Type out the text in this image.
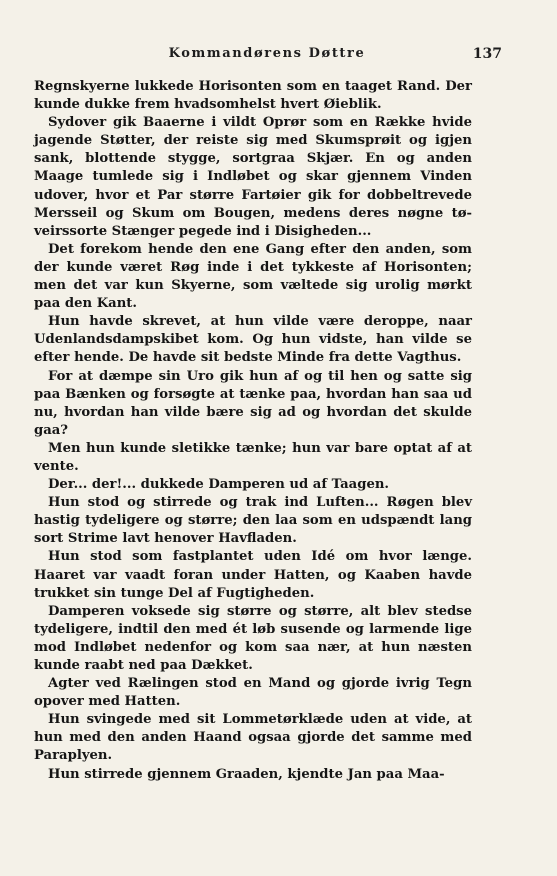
Kommandørens Døttre	137

Regnskyerne lukkede Horisonten som en taaget Rand. Der kunde dukke frem hvadsomhelst hvert Øieblik.

Sydover gik Baaerne i vildt Oprør som en Række hvide jagende Støtter, der reiste sig med Skumsprøit og igjen sank, blottende stygge, sortgraa Skjær. En og anden Maage tumlede sig i Indløbet og skar gjennem Vinden udover, hvor et Par større Fartøier gik for dobbeltrevede Mersseil og Skum om Bougen, medens deres nøgne tøveirssorte Stænger pegede ind i Disigheden...

Det forekom hende den ene Gang efter den anden, som der kunde været Røg inde i det tykkeste af Horisonten; men det var kun Skyerne, som væltede sig urolig mørkt paa den Kant.

Hun havde skrevet, at hun vilde være deroppe, naar Udenlandsdampskibet kom. Og hun vidste, han vilde se efter hende. De havde sit bedste Minde fra dette Vagthus.

For at dæmpe sin Uro gik hun af og til hen og satte sig paa Bænken og forsøgte at tænke paa, hvordan han saa ud nu, hvordan han vilde bære sig ad og hvordan det skulde gaa?

Men hun kunde sletikke tænke; hun var bare optat af at vente.

Der... der!... dukkede Damperen ud af Taagen.

Hun stod og stirrede og trak ind Luften... Røgen blev hastig tydeligere og større; den laa som en udspændt lang sort Strime lavt henover Havfladen.

Hun stod som fastplantet uden Idé om hvor længe. Haaret var vaadt foran under Hatten, og Kaaben havde trukket sin tunge Del af Fugtigheden.

Damperen voksede sig større og større, alt blev stedse tydeligere, indtil den med ét løb susende og larmende lige mod Indløbet nedenfor og kom saa nær, at hun næsten kunde raabt ned paa Dækket.

Agter ved Rælingen stod en Mand og gjorde ivrig Tegn opover med Hatten.

Hun svingede med sit Lommetørklæde uden at vide, at hun med den anden Haand ogsaa gjorde det samme med Paraplyen.

Hun stirrede gjennem Graaden, kjendte Jan paa Maa-
